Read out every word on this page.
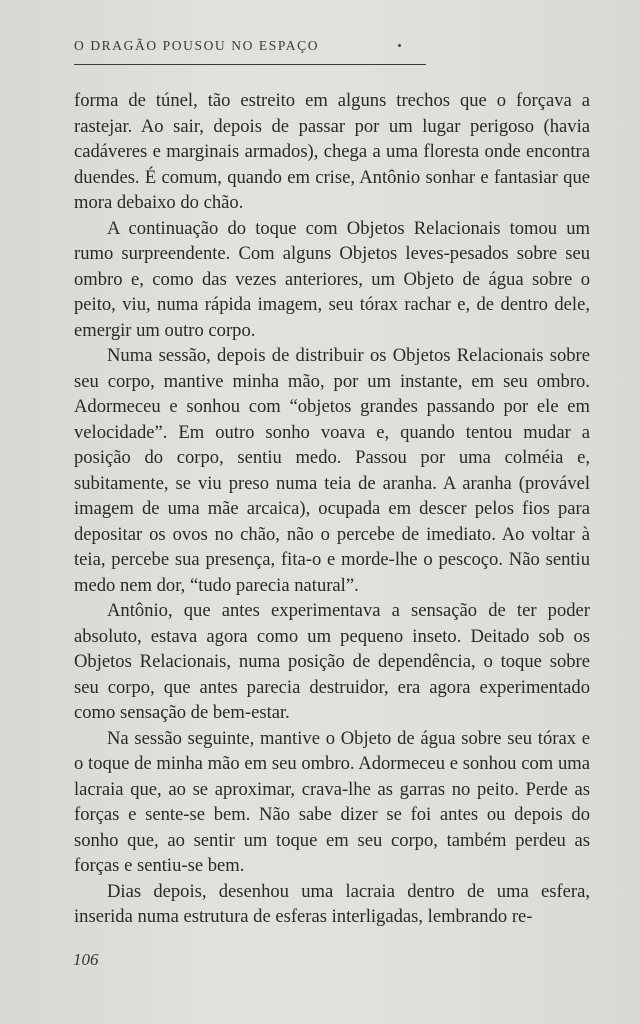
O DRAGÃO POUSOU NO ESPAÇO

forma de túnel, tão estreito em alguns trechos que o forçava a rastejar. Ao sair, depois de passar por um lugar perigoso (havia cadáveres e marginais armados), chega a uma floresta onde encontra duendes. É comum, quando em crise, Antônio sonhar e fantasiar que mora debaixo do chão.

A continuação do toque com Objetos Relacionais tomou um rumo surpreendente. Com alguns Objetos leves-pesados sobre seu ombro e, como das vezes anteriores, um Objeto de água sobre o peito, viu, numa rápida imagem, seu tórax rachar e, de dentro dele, emergir um outro corpo.

Numa sessão, depois de distribuir os Objetos Relacionais sobre seu corpo, mantive minha mão, por um instante, em seu ombro. Adormeceu e sonhou com “objetos grandes passando por ele em velocidade”. Em outro sonho voava e, quando tentou mudar a posição do corpo, sentiu medo. Passou por uma colméia e, subitamente, se viu preso numa teia de aranha. A aranha (provável imagem de uma mãe arcaica), ocupada em descer pelos fios para depositar os ovos no chão, não o percebe de imediato. Ao voltar à teia, percebe sua presença, fita-o e morde-lhe o pescoço. Não sentiu medo nem dor, “tudo parecia natural”.

Antônio, que antes experimentava a sensação de ter poder absoluto, estava agora como um pequeno inseto. Deitado sob os Objetos Relacionais, numa posição de dependência, o toque sobre seu corpo, que antes parecia destruidor, era agora experimentado como sensação de bem-estar.

Na sessão seguinte, mantive o Objeto de água sobre seu tórax e o toque de minha mão em seu ombro. Adormeceu e sonhou com uma lacraia que, ao se aproximar, crava-lhe as garras no peito. Perde as forças e sente-se bem. Não sabe dizer se foi antes ou depois do sonho que, ao sentir um toque em seu corpo, também perdeu as forças e sentiu-se bem.

Dias depois, desenhou uma lacraia dentro de uma esfera, inserida numa estrutura de esferas interligadas, lembrando re-

106
